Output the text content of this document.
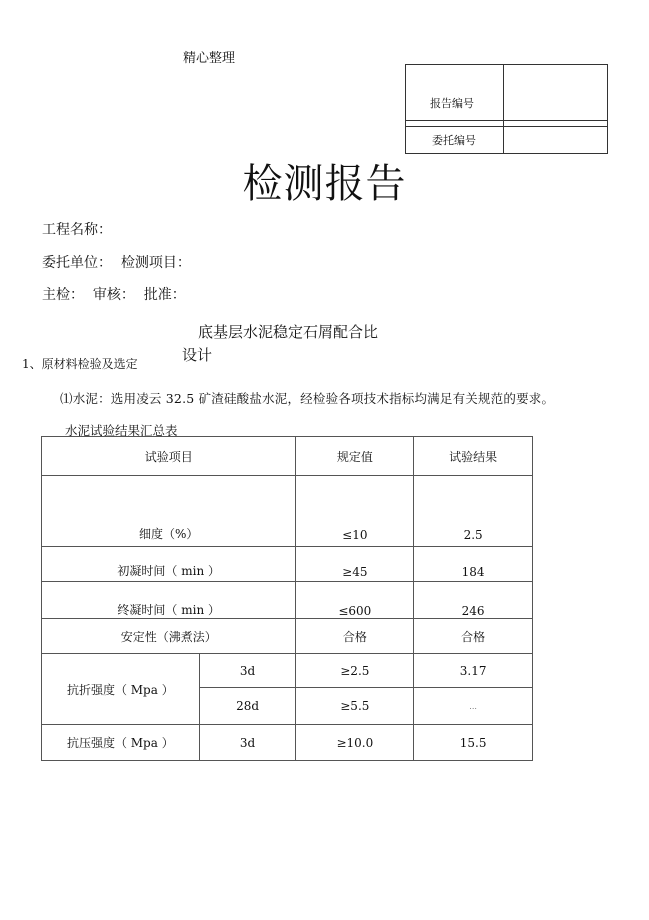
精心整理
报告编号
委托编号
检测报告
工程名称：
委托单位：  检测项目：
主检：  审核：  批准：
底基层水泥稳定石屑配合比
设计
1、原材料检验及选定
⑴水泥：选用凌云 32.5 矿渣硅酸盐水泥，经检验各项技术指标均满足有关规范的要求。
水泥试验结果汇总表
试验项目		规定值	试验结果
细度（%）		≤10	2.5
初凝时间（ min ）		≥45	184
终凝时间（ min ）		≤600	246
安定性（沸煮法）		合格	合格
抗折强度（ Mpa ）	3d	≥2.5	3.17
	28d	≥5.5	...
抗压强度（ Mpa ）	3d	≥10.0	15.5
